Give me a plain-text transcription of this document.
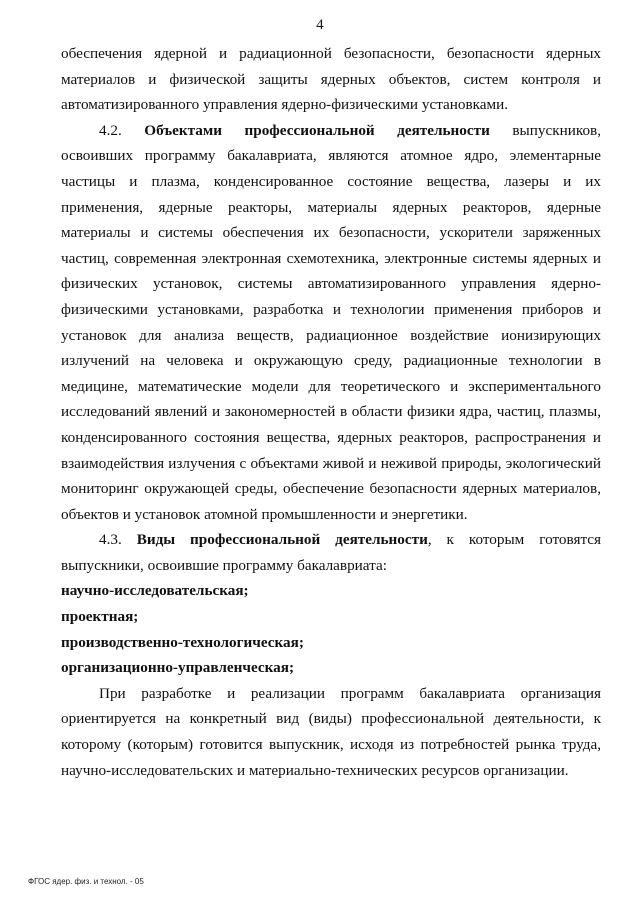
4

обеспечения ядерной и радиационной безопасности, безопасности ядерных материалов и физической защиты ядерных объектов, систем контроля и автоматизированного управления ядерно-физическими установками.

4.2. Объектами профессиональной деятельности выпускников, освоивших программу бакалавриата, являются атомное ядро, элементарные частицы и плазма, конденсированное состояние вещества, лазеры и их применения, ядерные реакторы, материалы ядерных реакторов, ядерные материалы и системы обеспечения их безопасности, ускорители заряженных частиц, современная электронная схемотехника, электронные системы ядерных и физических установок, системы автоматизированного управления ядерно-физическими установками, разработка и технологии применения приборов и установок для анализа веществ, радиационное воздействие ионизирующих излучений на человека и окружающую среду, радиационные технологии в медицине, математические модели для теоретического и экспериментального исследований явлений и закономерностей в области физики ядра, частиц, плазмы, конденсированного состояния вещества, ядерных реакторов, распространения и взаимодействия излучения с объектами живой и неживой природы, экологический мониторинг окружающей среды, обеспечение безопасности ядерных материалов, объектов и установок атомной промышленности и энергетики.

4.3. Виды профессиональной деятельности, к которым готовятся выпускники, освоившие программу бакалавриата:

научно-исследовательская;

проектная;

производственно-технологическая;

организационно-управленческая;

При разработке и реализации программ бакалавриата организация ориентируется на конкретный вид (виды) профессиональной деятельности, к которому (которым) готовится выпускник, исходя из потребностей рынка труда, научно-исследовательских и материально-технических ресурсов организации.

ФГОС ядер. физ. и технол. - 05
